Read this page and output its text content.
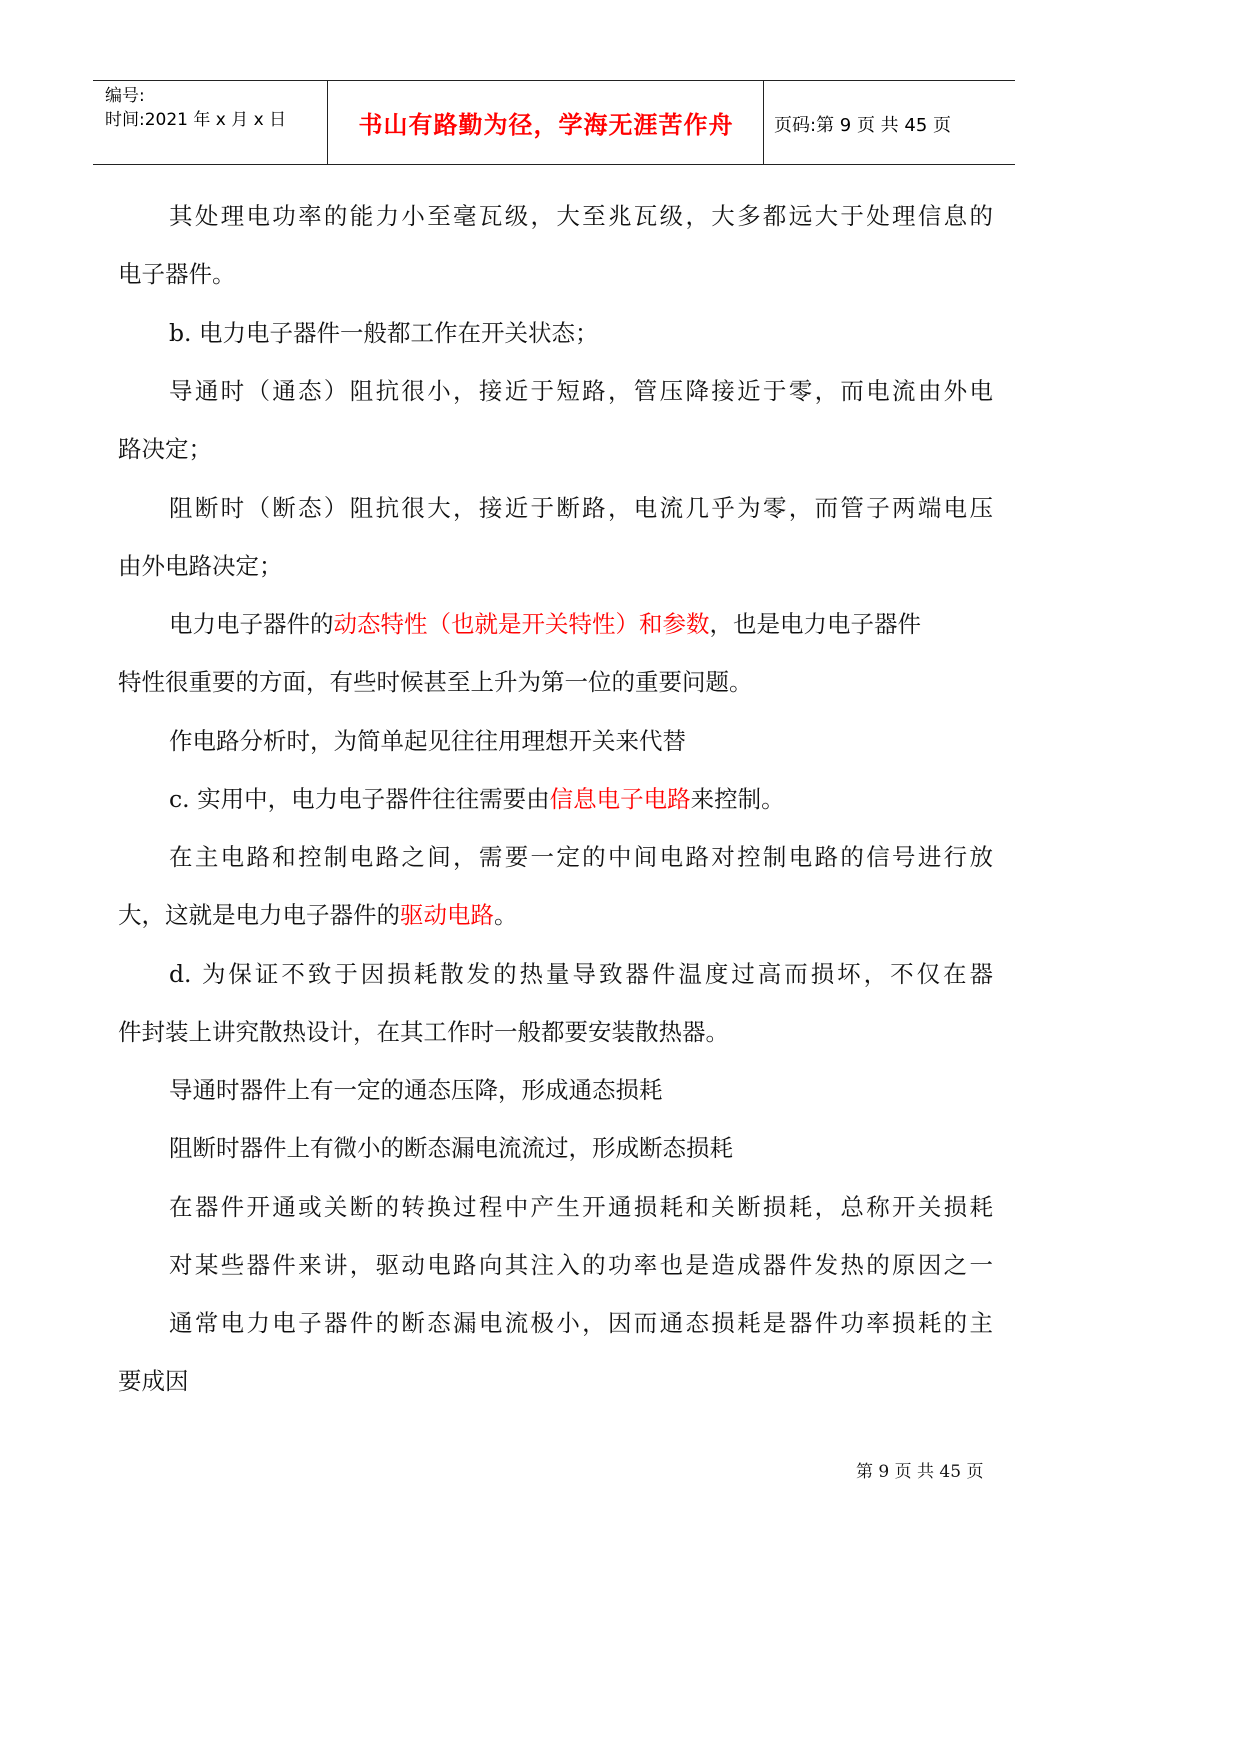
编号:
时间:2021 年 x 月 x 日	书山有路勤为径，学海无涯苦作舟	页码:第 9 页 共 45 页
其处理电功率的能力小至毫瓦级，大至兆瓦级，大多都远大于处理信息的
电子器件。
b. 电力电子器件一般都工作在开关状态；
导通时（通态）阻抗很小，接近于短路，管压降接近于零，而电流由外电
路决定；
阻断时（断态）阻抗很大，接近于断路，电流几乎为零，而管子两端电压
由外电路决定；
电力电子器件的动态特性（也就是开关特性）和参数，也是电力电子器件
特性很重要的方面，有些时候甚至上升为第一位的重要问题。
作电路分析时，为简单起见往往用理想开关来代替
c. 实用中，电力电子器件往往需要由信息电子电路来控制。
在主电路和控制电路之间，需要一定的中间电路对控制电路的信号进行放
大，这就是电力电子器件的驱动电路。
d. 为保证不致于因损耗散发的热量导致器件温度过高而损坏，不仅在器
件封装上讲究散热设计，在其工作时一般都要安装散热器。
导通时器件上有一定的通态压降，形成通态损耗
阻断时器件上有微小的断态漏电流流过，形成断态损耗
在器件开通或关断的转换过程中产生开通损耗和关断损耗，总称开关损耗
对某些器件来讲，驱动电路向其注入的功率也是造成器件发热的原因之一
通常电力电子器件的断态漏电流极小，因而通态损耗是器件功率损耗的主
要成因
第 9 页 共 45 页
